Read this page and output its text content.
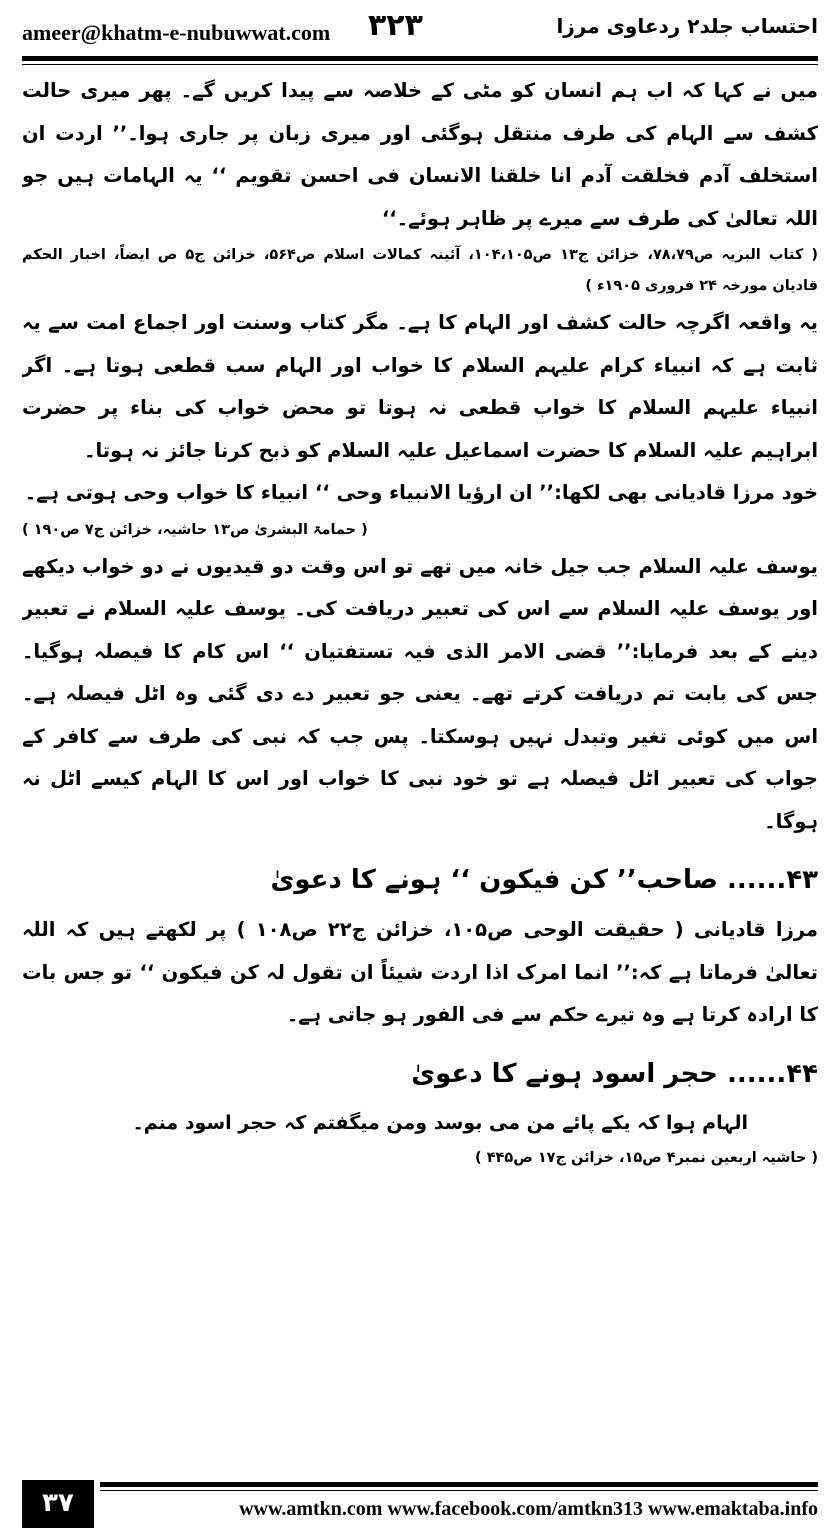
ameer@khatm-e-nubuwwat.com ۳۲۳	احتساب جلد۲ ردعاوی مرزا

میں نے کہا کہ اب ہم انسان کو مٹی کے خلاصہ سے پیدا کریں گے۔ پھر میری حالت کشف سے الہام کی طرف منتقل ہوگئی اور میری زبان پر جاری ہوا۔’’ اردت ان استخلف آدم فخلقت آدم انا خلقنا الانسان فی احسن تقویم ‘‘ یہ الہامات ہیں جو اللہ تعالیٰ کی طرف سے میرے پر ظاہر ہوئے۔‘‘

( کتاب البریہ ص۷۸،۷۹، خزائن ج۱۳ ص۱۰۴،۱۰۵، آئینہ کمالات اسلام ص۵۶۴، خزائن ج۵ ص ایضاً، اخبار الحکم قادیان مورخہ ۲۴ فروری ۱۹۰۵ء )

یہ واقعہ اگرچہ حالت کشف اور الہام کا ہے۔ مگر کتاب وسنت اور اجماع امت سے یہ ثابت ہے کہ انبیاء کرام علیہم السلام کا خواب اور الہام سب قطعی ہوتا ہے۔ اگر انبیاء علیہم السلام کا خواب قطعی نہ ہوتا تو محض خواب کی بناء پر حضرت ابراہیم علیہ السلام کا حضرت اسماعیل علیہ السلام کو ذبح کرنا جائز نہ ہوتا۔

خود مرزا قادیانی بھی لکھا:’’ ان ارؤیا الانبیاء وحی ‘‘ انبیاء کا خواب وحی ہوتی ہے۔

( حمامۃ البشریٰ ص۱۳ حاشیہ، خزائن ج۷ ص۱۹۰ )

یوسف علیہ السلام جب جیل خانہ میں تھے تو اس وقت دو قیدیوں نے دو خواب دیکھے اور یوسف علیہ السلام سے اس کی تعبیر دریافت کی۔ یوسف علیہ السلام نے تعبیر دینے کے بعد فرمایا:’’ قضی الامر الذی فیہ تستفتیان ‘‘ اس کام کا فیصلہ ہوگیا۔ جس کی بابت تم دریافت کرتے تھے۔ یعنی جو تعبیر دے دی گئی وہ اٹل فیصلہ ہے۔ اس میں کوئی تغیر وتبدل نہیں ہوسکتا۔ پس جب کہ نبی کی طرف سے کافر کے جواب کی تعبیر اٹل فیصلہ ہے تو خود نبی کا خواب اور اس کا الہام کیسے اٹل نہ ہوگا۔

۴۳...... صاحب’’ کن فیکون ‘‘ ہونے کا دعویٰ

مرزا قادیانی ( حقیقت الوحی ص۱۰۵، خزائن ج۲۲ ص۱۰۸ ) پر لکھتے ہیں کہ اللہ تعالیٰ فرماتا ہے کہ:’’ انما امرک اذا اردت شیئاً ان تقول لہ کن فیکون ‘‘ تو جس بات کا ارادہ کرتا ہے وہ تیرے حکم سے فی الفور ہو جاتی ہے۔

۴۴...... حجر اسود ہونے کا دعویٰ

الہام ہوا کہ یکے پائے من می بوسد ومن میگفتم کہ حجر اسود منم۔

( حاشیہ اربعین نمبر۴ ص۱۵، خزائن ج۱۷ ص۴۴۵ )

۳۷	www.amtkn.com www.facebook.com/amtkn313 www.emaktaba.info
